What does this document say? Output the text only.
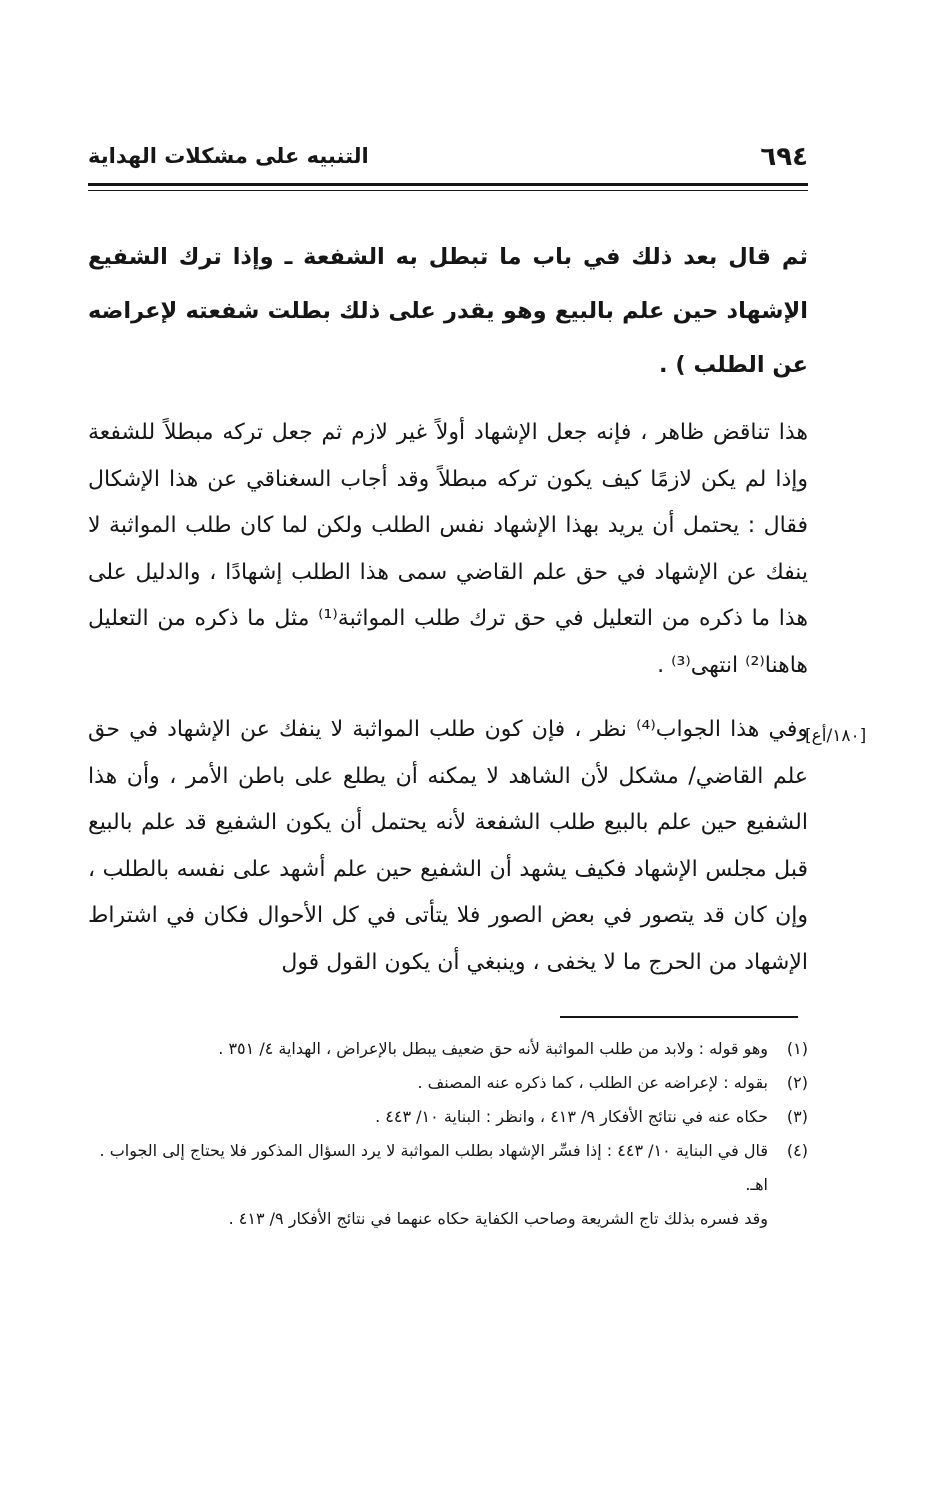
٦٩٤
التنبيه على مشكلات الهداية

ثم قال بعد ذلك في باب ما تبطل به الشفعة ـ وإذا ترك الشفيع الإشهاد حين علم بالبيع وهو يقدر على ذلك بطلت شفعته لإعراضه عن الطلب ) .

هذا تناقض ظاهر ، فإنه جعل الإشهاد أولاً غير لازم ثم جعل تركه مبطلاً للشفعة وإذا لم يكن لازمًا كيف يكون تركه مبطلاً وقد أجاب السغناقي عن هذا الإشكال فقال : يحتمل أن يريد بهذا الإشهاد نفس الطلب ولكن لما كان طلب المواثبة لا ينفك عن الإشهاد في حق علم القاضي سمى هذا الطلب إشهادًا ، والدليل على هذا ما ذكره من التعليل في حق ترك طلب المواثبة⁽¹⁾ مثل ما ذكره من التعليل هاهنا⁽²⁾ انتهى⁽³⁾ .

وفي هذا الجواب⁽⁴⁾ نظر ، فإن كون طلب المواثبة لا ينفك عن الإشهاد في حق علم القاضي/ مشكل لأن الشاهد لا يمكنه أن يطلع على باطن الأمر ، وأن هذا الشفيع حين علم بالبيع طلب الشفعة لأنه يحتمل أن يكون الشفيع قد علم بالبيع قبل مجلس الإشهاد فكيف يشهد أن الشفيع حين علم أشهد على نفسه بالطلب ، وإن كان قد يتصور في بعض الصور فلا يتأتى في كل الأحوال فكان في اشتراط الإشهاد من الحرج ما لا يخفى ، وينبغي أن يكون القول قول

[١٨٠/أع]
(١)
وهو قوله : ولابد من طلب المواثبة لأنه حق ضعيف يبطل بالإعراض ، الهداية ٤/ ٣٥١ .
(٢)
بقوله : لإعراضه عن الطلب ، كما ذكره عنه المصنف .
(٣)
حكاه عنه في نتائج الأفكار ٩/ ٤١٣ ، وانظر : البناية ١٠/ ٤٤٣ .
(٤)
قال في البناية ١٠/ ٤٤٣ : إذا فسِّر الإشهاد بطلب المواثبة لا يرد السؤال المذكور فلا يحتاج إلى الجواب . اهـ.
وقد فسره بذلك تاج الشريعة وصاحب الكفاية حكاه عنهما في نتائج الأفكار ٩/ ٤١٣ .
